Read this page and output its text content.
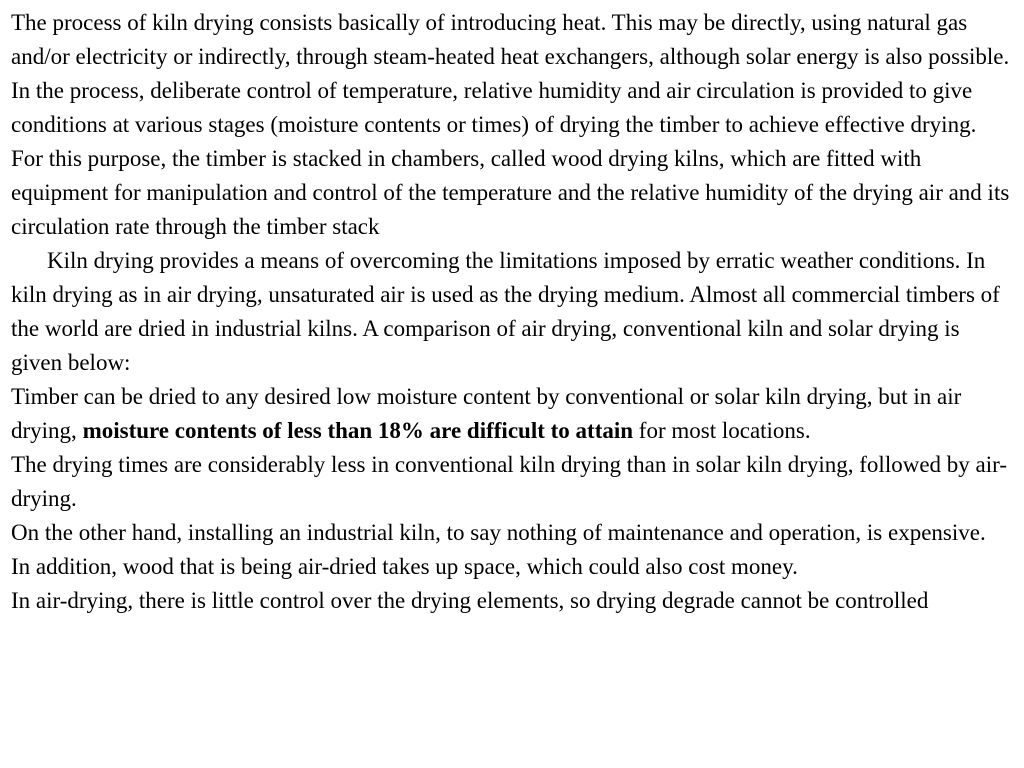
The process of kiln drying consists basically of introducing heat. This may be directly, using natural gas and/or electricity or indirectly, through steam-heated heat exchangers, although solar energy is also possible. In the process, deliberate control of temperature, relative humidity and air circulation is provided to give conditions at various stages (moisture contents or times) of drying the timber to achieve effective drying. For this purpose, the timber is stacked in chambers, called wood drying kilns, which are fitted with equipment for manipulation and control of the temperature and the relative humidity of the drying air and its circulation rate through the timber stack

Kiln drying provides a means of overcoming the limitations imposed by erratic weather conditions. In kiln drying as in air drying, unsaturated air is used as the drying medium. Almost all commercial timbers of the world are dried in industrial kilns. A comparison of air drying, conventional kiln and solar drying is given below:

Timber can be dried to any desired low moisture content by conventional or solar kiln drying, but in air drying, moisture contents of less than 18% are difficult to attain for most locations.

The drying times are considerably less in conventional kiln drying than in solar kiln drying, followed by air-drying.

On the other hand, installing an industrial kiln, to say nothing of maintenance and operation, is expensive.

In addition, wood that is being air-dried takes up space, which could also cost money.

In air-drying, there is little control over the drying elements, so drying degrade cannot be controlled
